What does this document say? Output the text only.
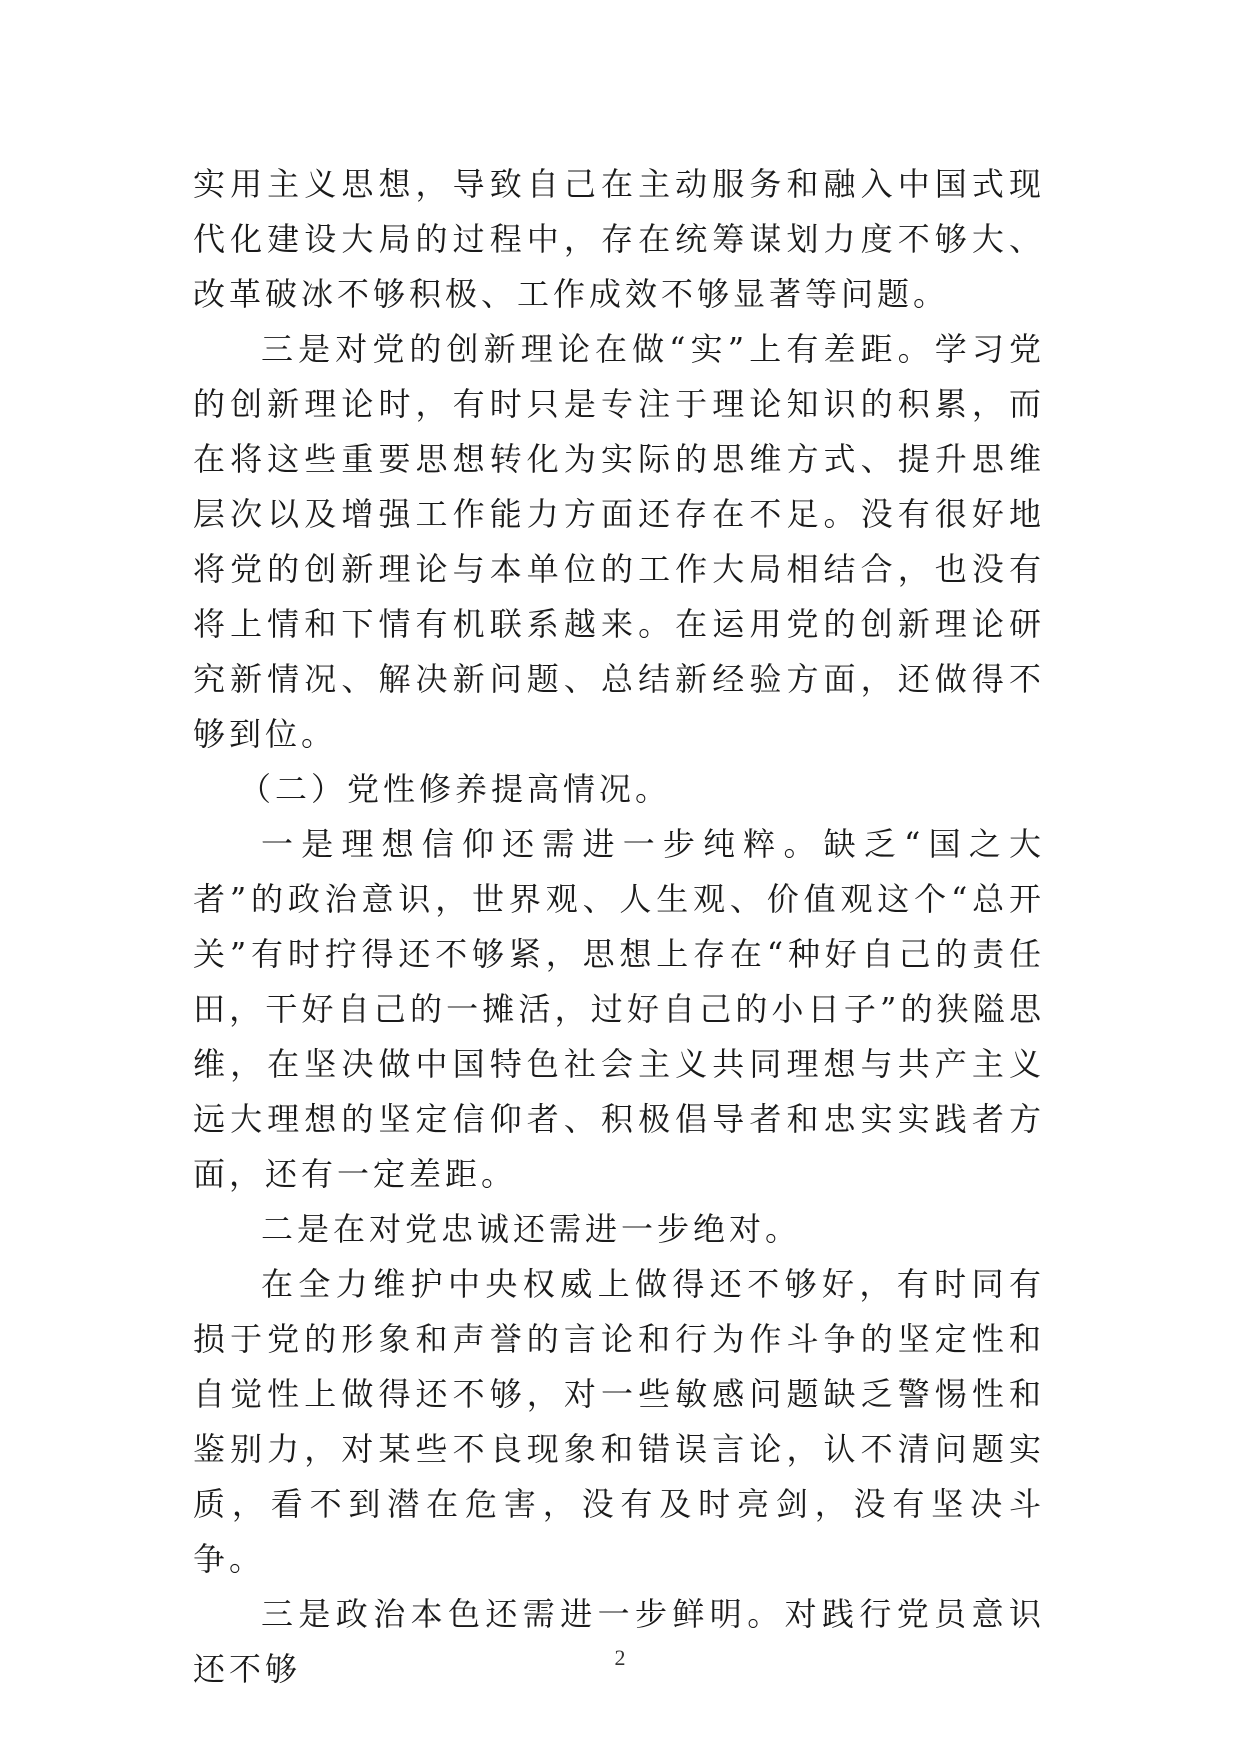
实用主义思想，导致自己在主动服务和融入中国式现代化建设大局的过程中，存在统筹谋划力度不够大、改革破冰不够积极、工作成效不够显著等问题。

三是对党的创新理论在做“实”上有差距。学习党的创新理论时，有时只是专注于理论知识的积累，而在将这些重要思想转化为实际的思维方式、提升思维层次以及增强工作能力方面还存在不足。没有很好地将党的创新理论与本单位的工作大局相结合，也没有将上情和下情有机联系越来。在运用党的创新理论研究新情况、解决新问题、总结新经验方面，还做得不够到位。

（二）党性修养提高情况。

一是理想信仰还需进一步纯粹。缺乏“国之大者”的政治意识，世界观、人生观、价值观这个“总开关”有时拧得还不够紧，思想上存在“种好自己的责任田，干好自己的一摊活，过好自己的小日子”的狭隘思维，在坚决做中国特色社会主义共同理想与共产主义远大理想的坚定信仰者、积极倡导者和忠实实践者方面，还有一定差距。

二是在对党忠诚还需进一步绝对。

在全力维护中央权威上做得还不够好，有时同有损于党的形象和声誉的言论和行为作斗争的坚定性和自觉性上做得还不够，对一些敏感问题缺乏警惕性和鉴别力，对某些不良现象和错误言论，认不清问题实质，看不到潜在危害，没有及时亮剑，没有坚决斗争。

三是政治本色还需进一步鲜明。对践行党员意识还不够	2
